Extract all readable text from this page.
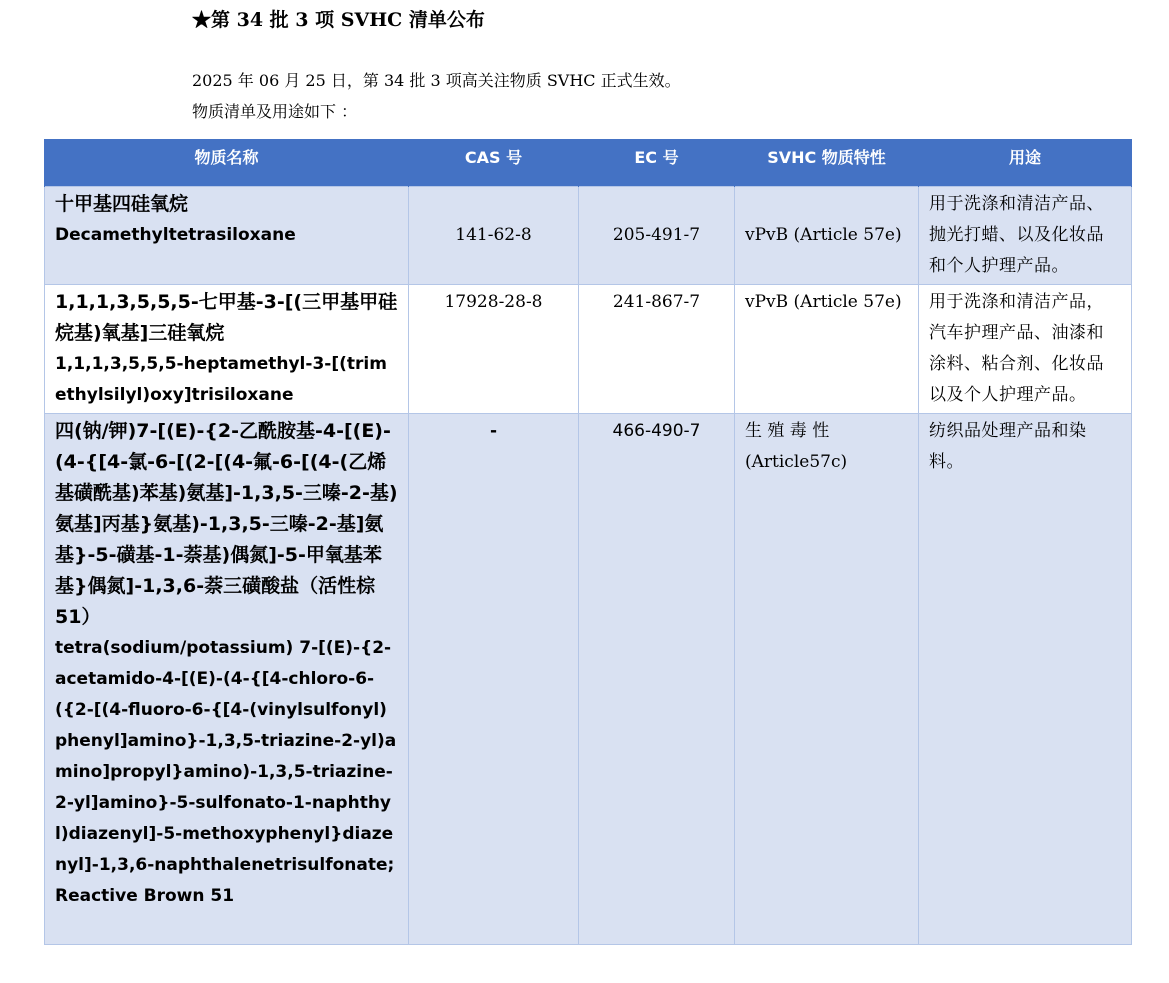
★第 34 批 3 项 SVHC 清单公布
2025 年 06 月 25 日，第 34 批 3 项高关注物质 SVHC 正式生效。
物质清单及用途如下 ：
物质名称	CAS 号	EC 号	SVHC 物质特性	用途

十甲基四硅氧烷
Decamethyltetrasiloxane	141-62-8	205-491-7	vPvB (Article 57e)	用于洗涤和清洁产品、抛光打蜡、以及化妆品和个人护理产品。

1,1,1,3,5,5,5-七甲基-3-[(三甲基甲硅烷基)氧基]三硅氧烷
1,1,1,3,5,5,5-heptamethyl-3-[(trimethylsilyl)oxy]trisiloxane	17928-28-8	241-867-7	vPvB (Article 57e)	用于洗涤和清洁产品，汽车护理产品、油漆和涂料、粘合剂、化妆品以及个人护理产品。

四(钠/钾)7-[(E)-{2-乙酰胺基-4-[(E)-(4-{[4-氯-6-[(2-[(4-氟-6-[(4-(乙烯基磺酰基)苯基)氨基]-1,3,5-三嗪-2-基)氨基]丙基}氨基)-1,3,5-三嗪-2-基]氨基}-5-磺基-1-萘基)偶氮]-5-甲氧基苯基}偶氮]-1,3,6-萘三磺酸盐（活性棕 51）
tetra(sodium/potassium) 7-[(E)-{2-acetamido-4-[(E)-(4-{[4-chloro-6-({2-[(4-fluoro-6-{[4-(vinylsulfonyl)phenyl]amino}-1,3,5-triazine-2-yl)amino]propyl}amino)-1,3,5-triazine-2-yl]amino}-5-sulfonato-1-naphthyl)diazenyl]-5-methoxyphenyl}diazenyl]-1,3,6-naphthalenetrisulfonate;
Reactive Brown 51	-	466-490-7	生 殖 毒 性 (Article57c)	纺织品处理产品和染料。
